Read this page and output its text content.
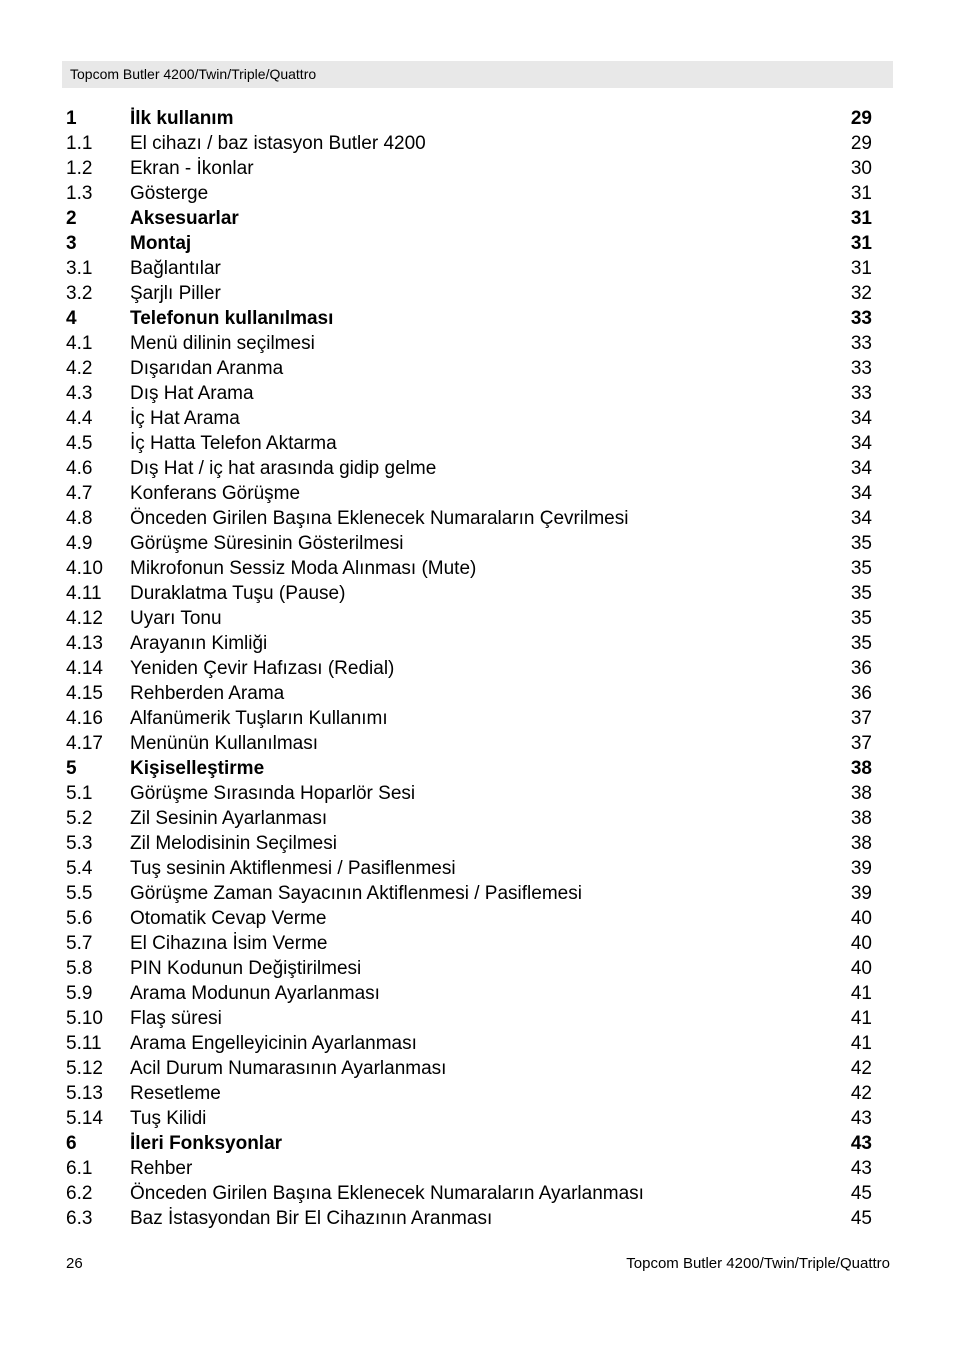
Topcom Butler 4200/Twin/Triple/Quattro
1	İlk kullanım	29
1.1	El cihazı / baz istasyon Butler 4200	29
1.2	Ekran - İkonlar	30
1.3	Gösterge	31
2	Aksesuarlar	31
3	Montaj	31
3.1	Bağlantılar	31
3.2	Şarjlı Piller	32
4	Telefonun kullanılması	33
4.1	Menü dilinin seçilmesi	33
4.2	Dışarıdan Aranma	33
4.3	Dış Hat Arama	33
4.4	İç Hat Arama	34
4.5	İç Hatta Telefon Aktarma	34
4.6	Dış Hat / iç hat arasında gidip gelme	34
4.7	Konferans Görüşme	34
4.8	Önceden Girilen Başına Eklenecek Numaraların Çevrilmesi	34
4.9	Görüşme Süresinin Gösterilmesi	35
4.10	Mikrofonun Sessiz Moda Alınması (Mute)	35
4.11	Duraklatma Tuşu (Pause)	35
4.12	Uyarı Tonu	35
4.13	Arayanın Kimliği	35
4.14	Yeniden Çevir Hafızası (Redial)	36
4.15	Rehberden Arama	36
4.16	Alfanümerik Tuşların Kullanımı	37
4.17	Menünün Kullanılması	37
5	Kişiselleştirme	38
5.1	Görüşme Sırasında Hoparlör Sesi	38
5.2	Zil Sesinin Ayarlanması	38
5.3	Zil Melodisinin Seçilmesi	38
5.4	Tuş sesinin Aktiflenmesi / Pasiflenmesi	39
5.5	Görüşme Zaman Sayacının Aktiflenmesi / Pasiflemesi	39
5.6	Otomatik Cevap Verme	40
5.7	El Cihazına İsim Verme	40
5.8	PIN Kodunun Değiştirilmesi	40
5.9	Arama Modunun Ayarlanması	41
5.10	Flaş süresi	41
5.11	Arama Engelleyicinin Ayarlanması	41
5.12	Acil Durum Numarasının Ayarlanması	42
5.13	Resetleme	42
5.14	Tuş Kilidi	43
6	İleri Fonksyonlar	43
6.1	Rehber	43
6.2	Önceden Girilen Başına Eklenecek Numaraların Ayarlanması	45
6.3	Baz İstasyondan Bir El Cihazının Aranması	45
26	Topcom Butler 4200/Twin/Triple/Quattro
